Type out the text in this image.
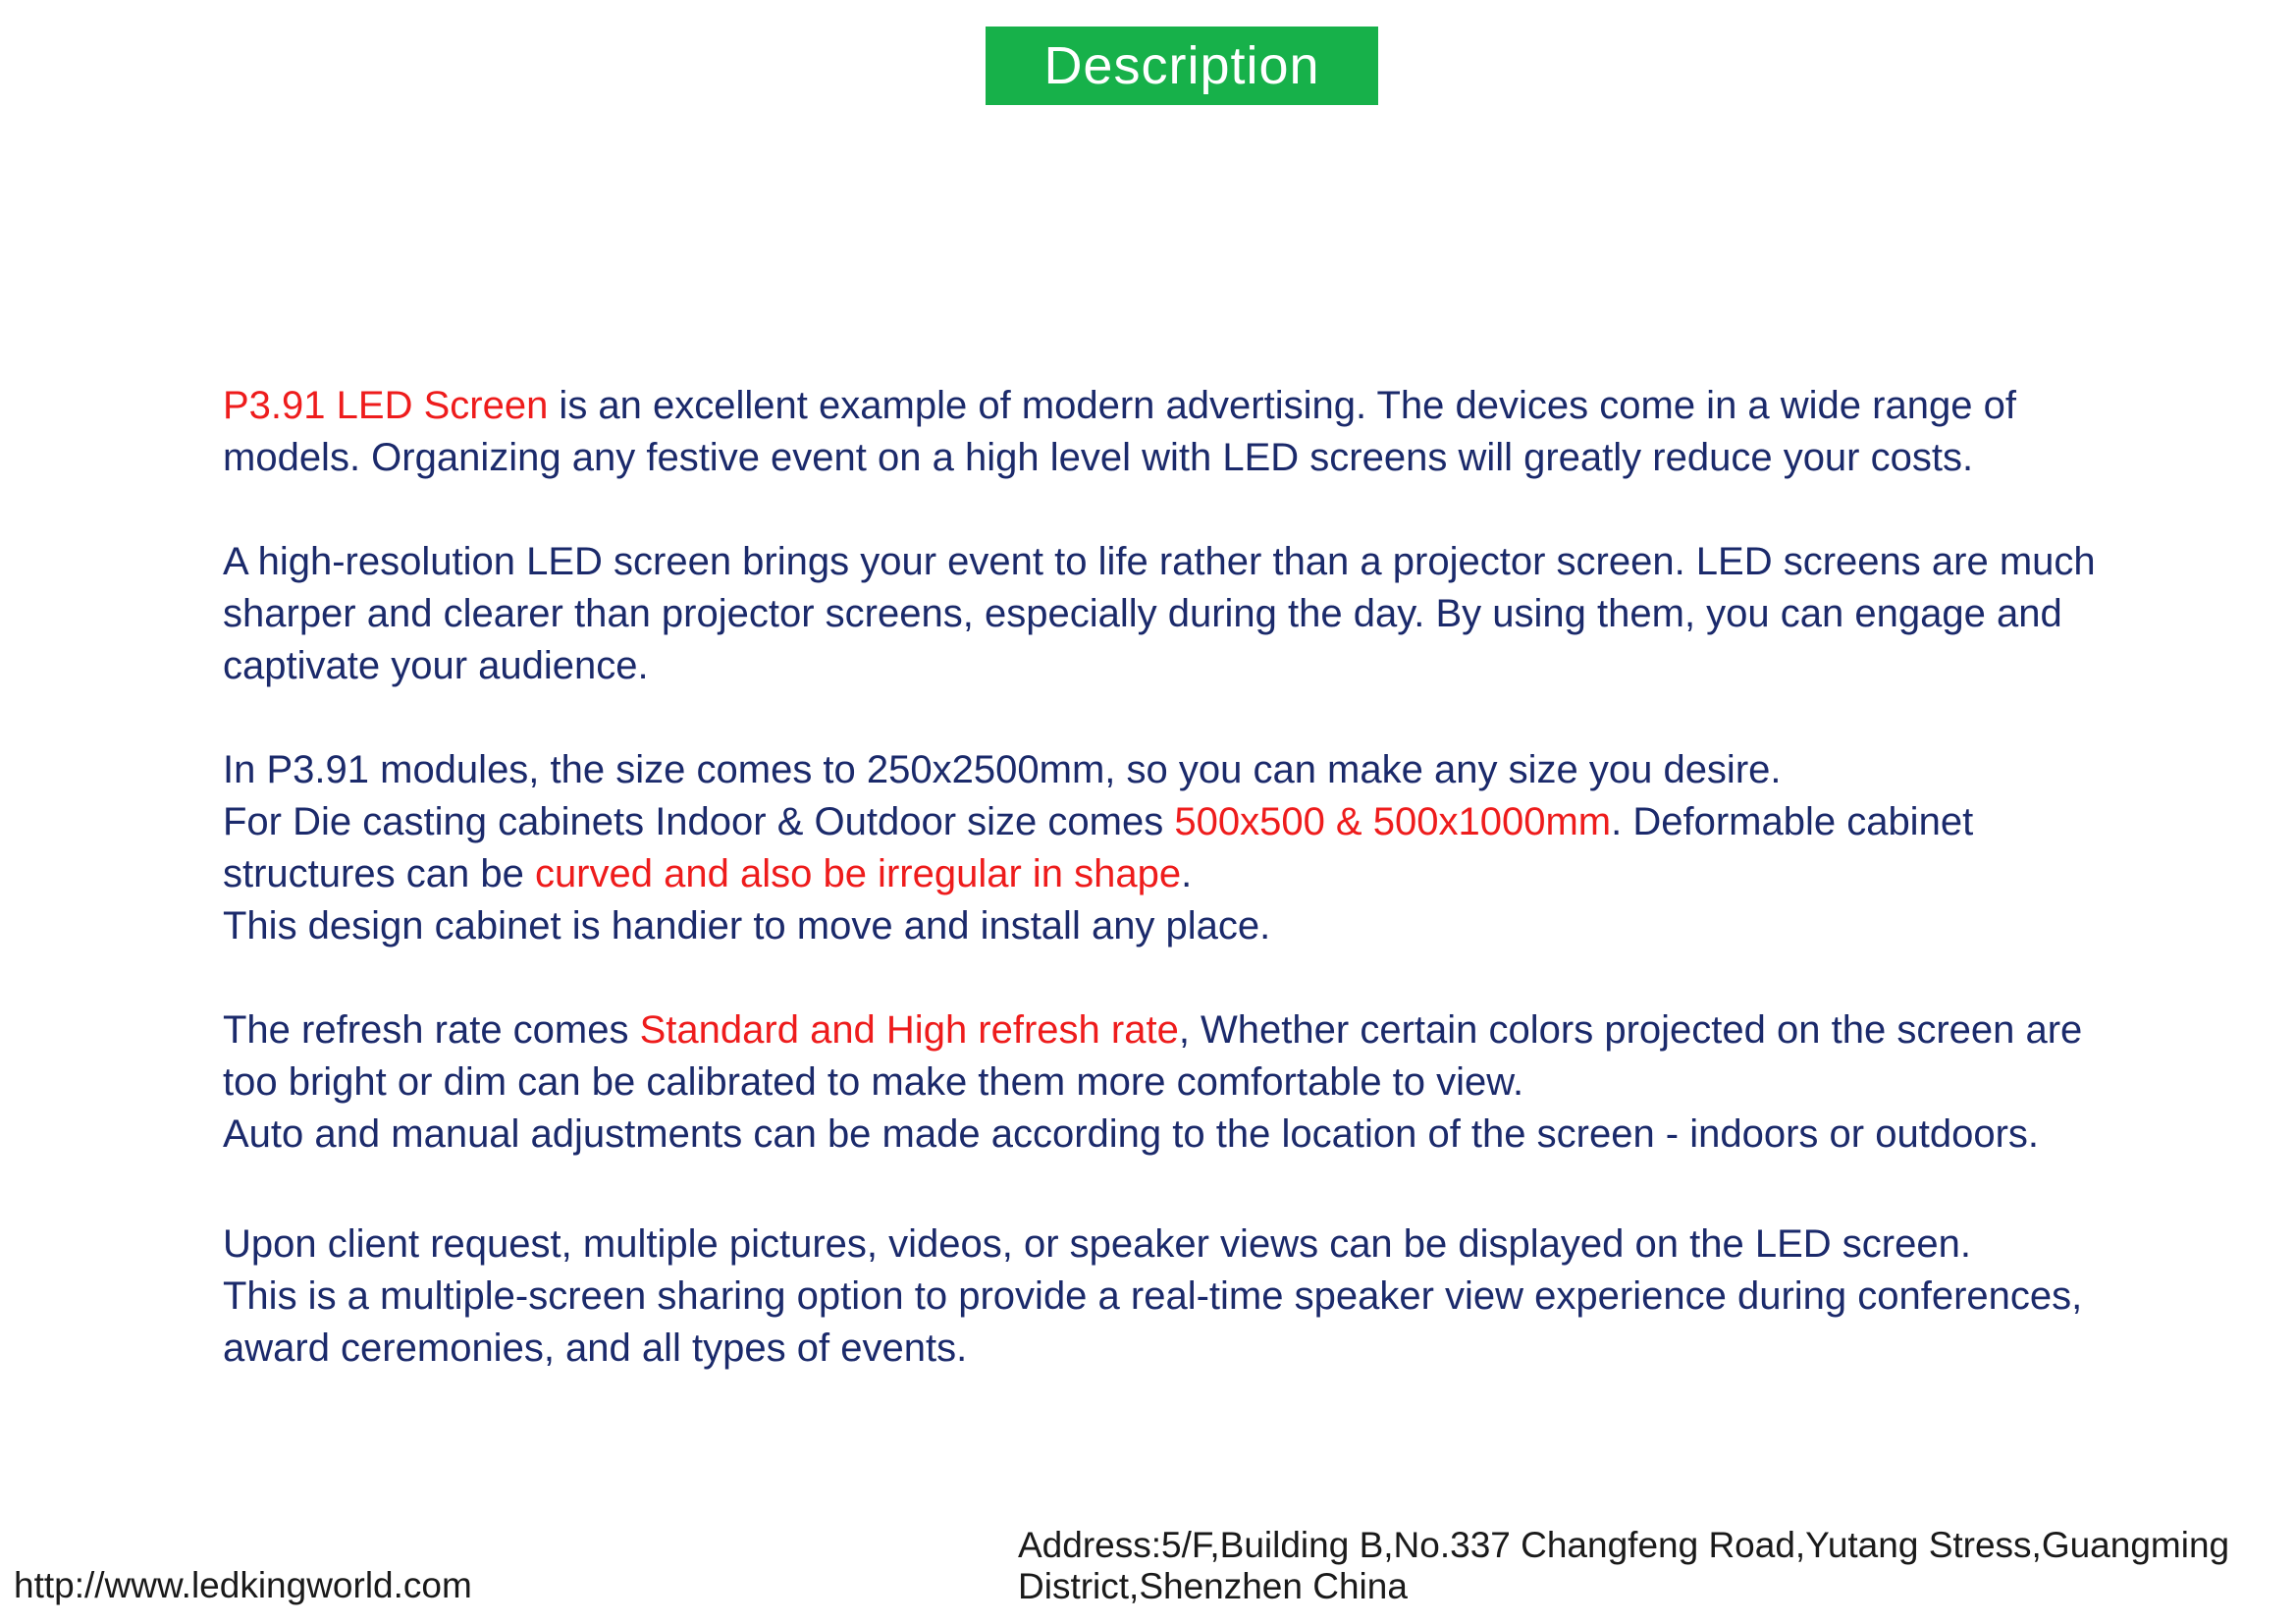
Description

P3.91 LED Screen is an excellent example of modern advertising. The devices come in a wide range of

models. Organizing any festive event on a high level with LED screens will greatly reduce your costs.

A high-resolution LED screen brings your event to life rather than a projector screen. LED screens are much

sharper and clearer than projector screens, especially during the day. By using them, you can engage and

captivate your audience.

In P3.91 modules, the size comes to 250x2500mm, so you can make any size you desire.

For Die casting cabinets Indoor & Outdoor size comes 500x500 & 500x1000mm. Deformable cabinet

structures can be curved and also be irregular in shape.

This design cabinet is handier to move and install any place.

The refresh rate comes Standard and High refresh rate, Whether certain colors projected on the screen are

too bright or dim can be calibrated to make them more comfortable to view.

Auto and manual adjustments can be made according to the location of the screen - indoors or outdoors.

Upon client request, multiple pictures, videos, or speaker views can be displayed on the LED screen.

This is a multiple-screen sharing option to provide a real-time speaker view experience during conferences,

award ceremonies, and all types of events.

http://www.ledkingworld.com
Address:5/F,Building B,No.337 Changfeng Road,Yutang Stress,Guangming
District,Shenzhen China
